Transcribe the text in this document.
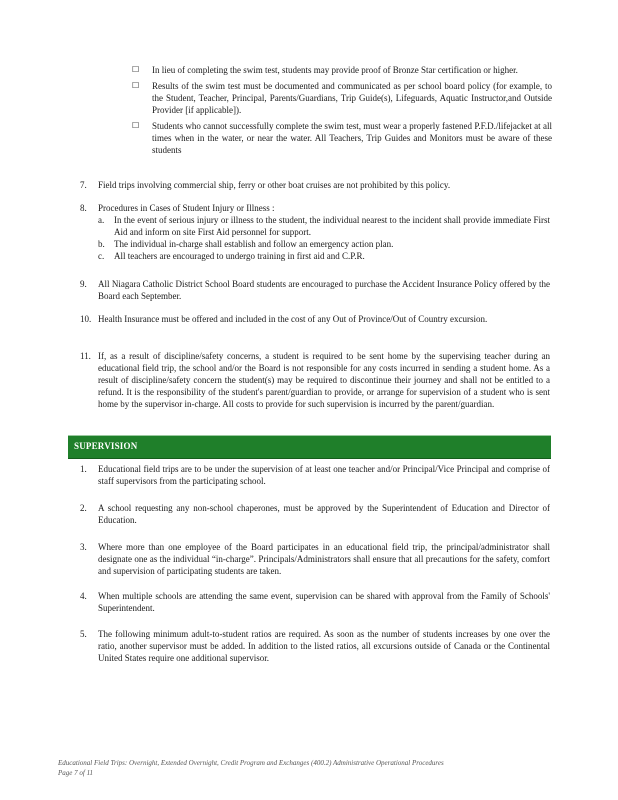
☐ In lieu of completing the swim test, students may provide proof of Bronze Star certification or higher.
☐ Results of the swim test must be documented and communicated as per school board policy (for example, to the Student, Teacher, Principal, Parents/Guardians, Trip Guide(s), Lifeguards, Aquatic Instructor,and Outside Provider [if applicable]).
☐ Students who cannot successfully complete the swim test, must wear a properly fastened P.F.D./lifejacket at all times when in the water, or near the water. All Teachers, Trip Guides and Monitors must be aware of these students
7. Field trips involving commercial ship, ferry or other boat cruises are not prohibited by this policy.
8. Procedures in Cases of Student Injury or Illness :
a. In the event of serious injury or illness to the student, the individual nearest to the incident shall provide immediate First Aid and inform on site First Aid personnel for support.
b. The individual in-charge shall establish and follow an emergency action plan.
c. All teachers are encouraged to undergo training in first aid and C.P.R.
9. All Niagara Catholic District School Board students are encouraged to purchase the Accident Insurance Policy offered by the Board each September.
10. Health Insurance must be offered and included in the cost of any Out of Province/Out of Country excursion.
11. If, as a result of discipline/safety concerns, a student is required to be sent home by the supervising teacher during an educational field trip, the school and/or the Board is not responsible for any costs incurred in sending a student home. As a result of discipline/safety concern the student(s) may be required to discontinue their journey and shall not be entitled to a refund. It is the responsibility of the student's parent/guardian to provide, or arrange for supervision of a student who is sent home by the supervisor in-charge. All costs to provide for such supervision is incurred by the parent/guardian.
SUPERVISION
1. Educational field trips are to be under the supervision of at least one teacher and/or Principal/Vice Principal and comprise of staff supervisors from the participating school.
2. A school requesting any non-school chaperones, must be approved by the Superintendent of Education and Director of Education.
3. Where more than one employee of the Board participates in an educational field trip, the principal/administrator shall designate one as the individual “in-charge”. Principals/Administrators shall ensure that all precautions for the safety, comfort and supervision of participating students are taken.
4. When multiple schools are attending the same event, supervision can be shared with approval from the Family of Schools' Superintendent.
5. The following minimum adult-to-student ratios are required. As soon as the number of students increases by one over the ratio, another supervisor must be added. In addition to the listed ratios, all excursions outside of Canada or the Continental United States require one additional supervisor.
Educational Field Trips: Overnight, Extended Overnight, Credit Program and Exchanges (400.2) Administrative Operational Procedures
Page 7 of 11
